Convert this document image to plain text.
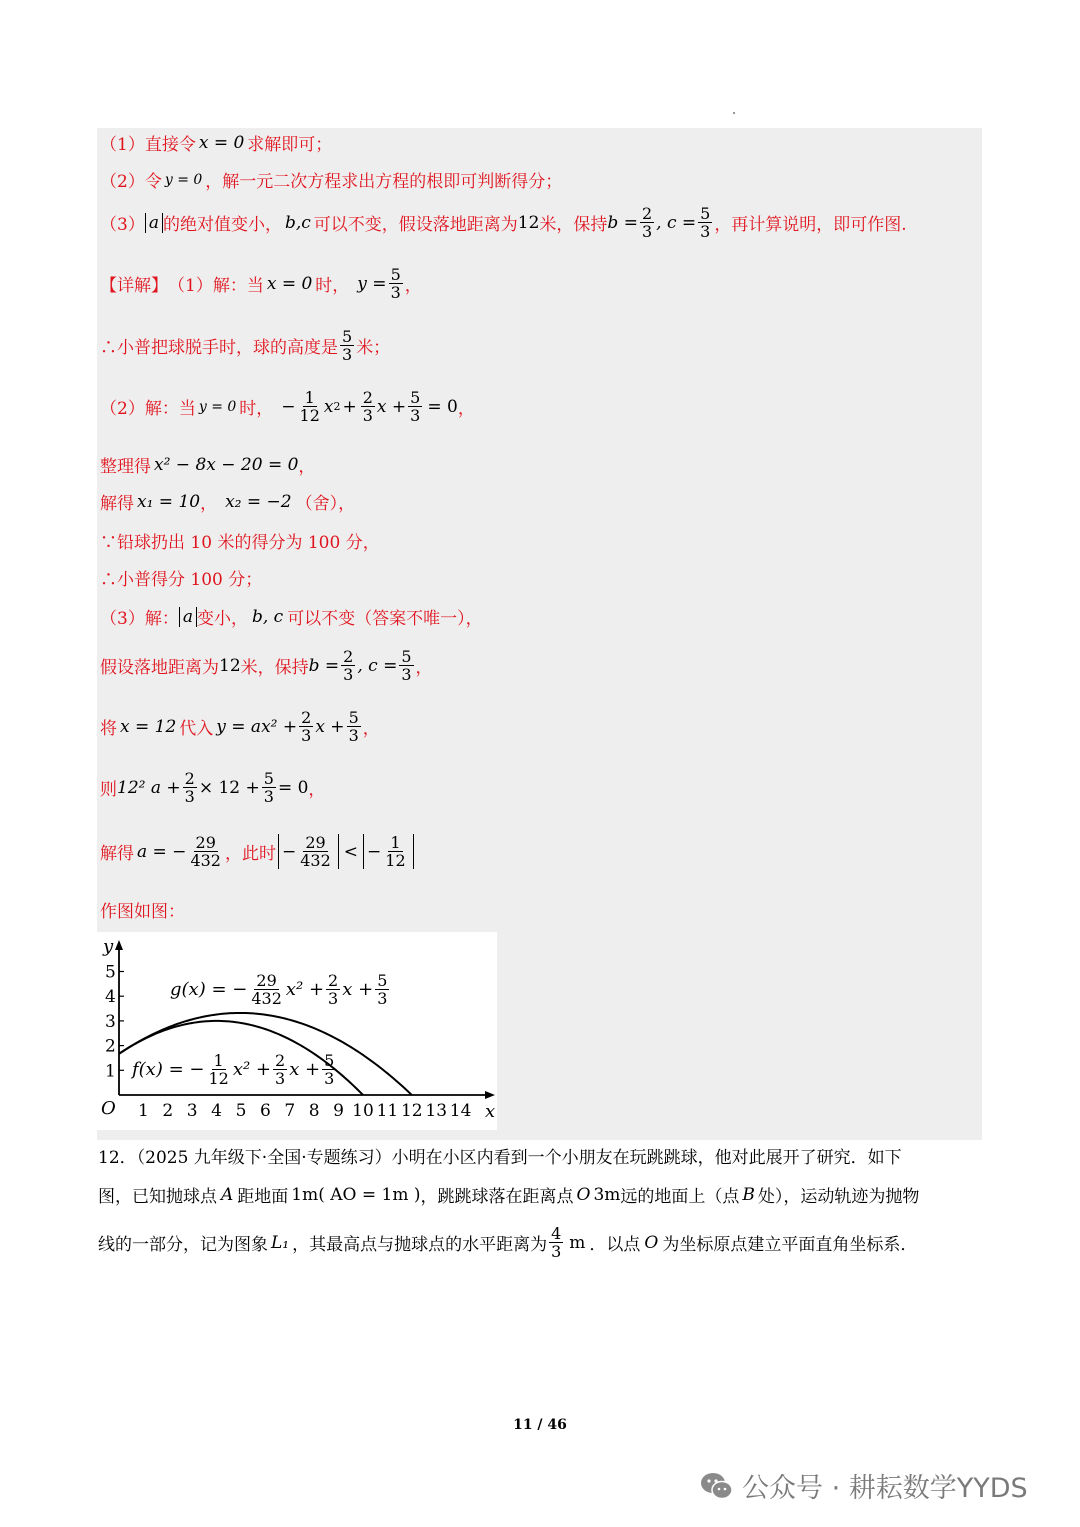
（1）直接令 x = 0 求解即可；
（2）令 y = 0 ，解一元二次方程求出方程的根即可判断得分；
（3） a 的绝对值变小， b,c 可以不变，假设落地距离为 12 米，保持 $b = \frac{2}{3}$ , $c = \frac{5}{3}$ ，再计算说明，即可作图.
【详解】 （1）解：当 x = 0 时， $y = \frac{5}{3}$ ，
∴小普把球脱手时，球的高度是 $\frac{5}{3}$ 米；
（2）解：当 y = 0 时， − $\frac{1}{12}$ x $2 + \frac{2}{3}$ $x + \frac{5}{3} = 0$ ，
整理得 x² − 8x − 20 = 0 ，
解得 x₁ = 10 ， x₂ = −2 （舍），
∵铅球扔出 10 米的得分为 100 分，
∴小普得分 100 分；
（3）解： a 变小， b, c 可以不变（答案不唯一），
假设落地距离为 12 米，保持 $b = \frac{2}{3}$ , $c = \frac{5}{3}$ ，
将 x = 12 代入 $y = ax^2 + \frac{2}{3}$ $x + \frac{5}{3}$ ，
则 12² $a + \frac{2}{3} \times 12 + \frac{5}{3} = 0$ ，
解得 a = − $\frac{29}{432}$ ，此时 − $\frac{29}{432}$ < − $\frac{1}{12}$
作图如图：
y
x
O
1
2
3
4
5
1 2 3 4 5 6 7 8 9 10 11 12 13 14
g(x) = − $\frac{29}{432} x^2 + \frac{2}{3}$ $x + \frac{5}{3}$
f(x) = − $\frac{1}{12} x^2 + \frac{2}{3}$ $x + \frac{5}{3}$
12．（2025 九年级下·全国·专题练习）小明在小区内看到一个小朋友在玩跳跳球，他对此展开了研究．如下
图，已知抛球点 A 距地面 1m ( AO = 1m ) ，跳跳球落在距离点 O 3m 远的地面上（点 B 处），运动轨迹为抛物
线的一部分，记为图象 L₁ ，其最高点与抛球点的水平距离为 $\frac{4}{3}$ m ．以点 O 为坐标原点建立平面直角坐标系．
11 / 46
公众号 · 耕耘数学YYDS
